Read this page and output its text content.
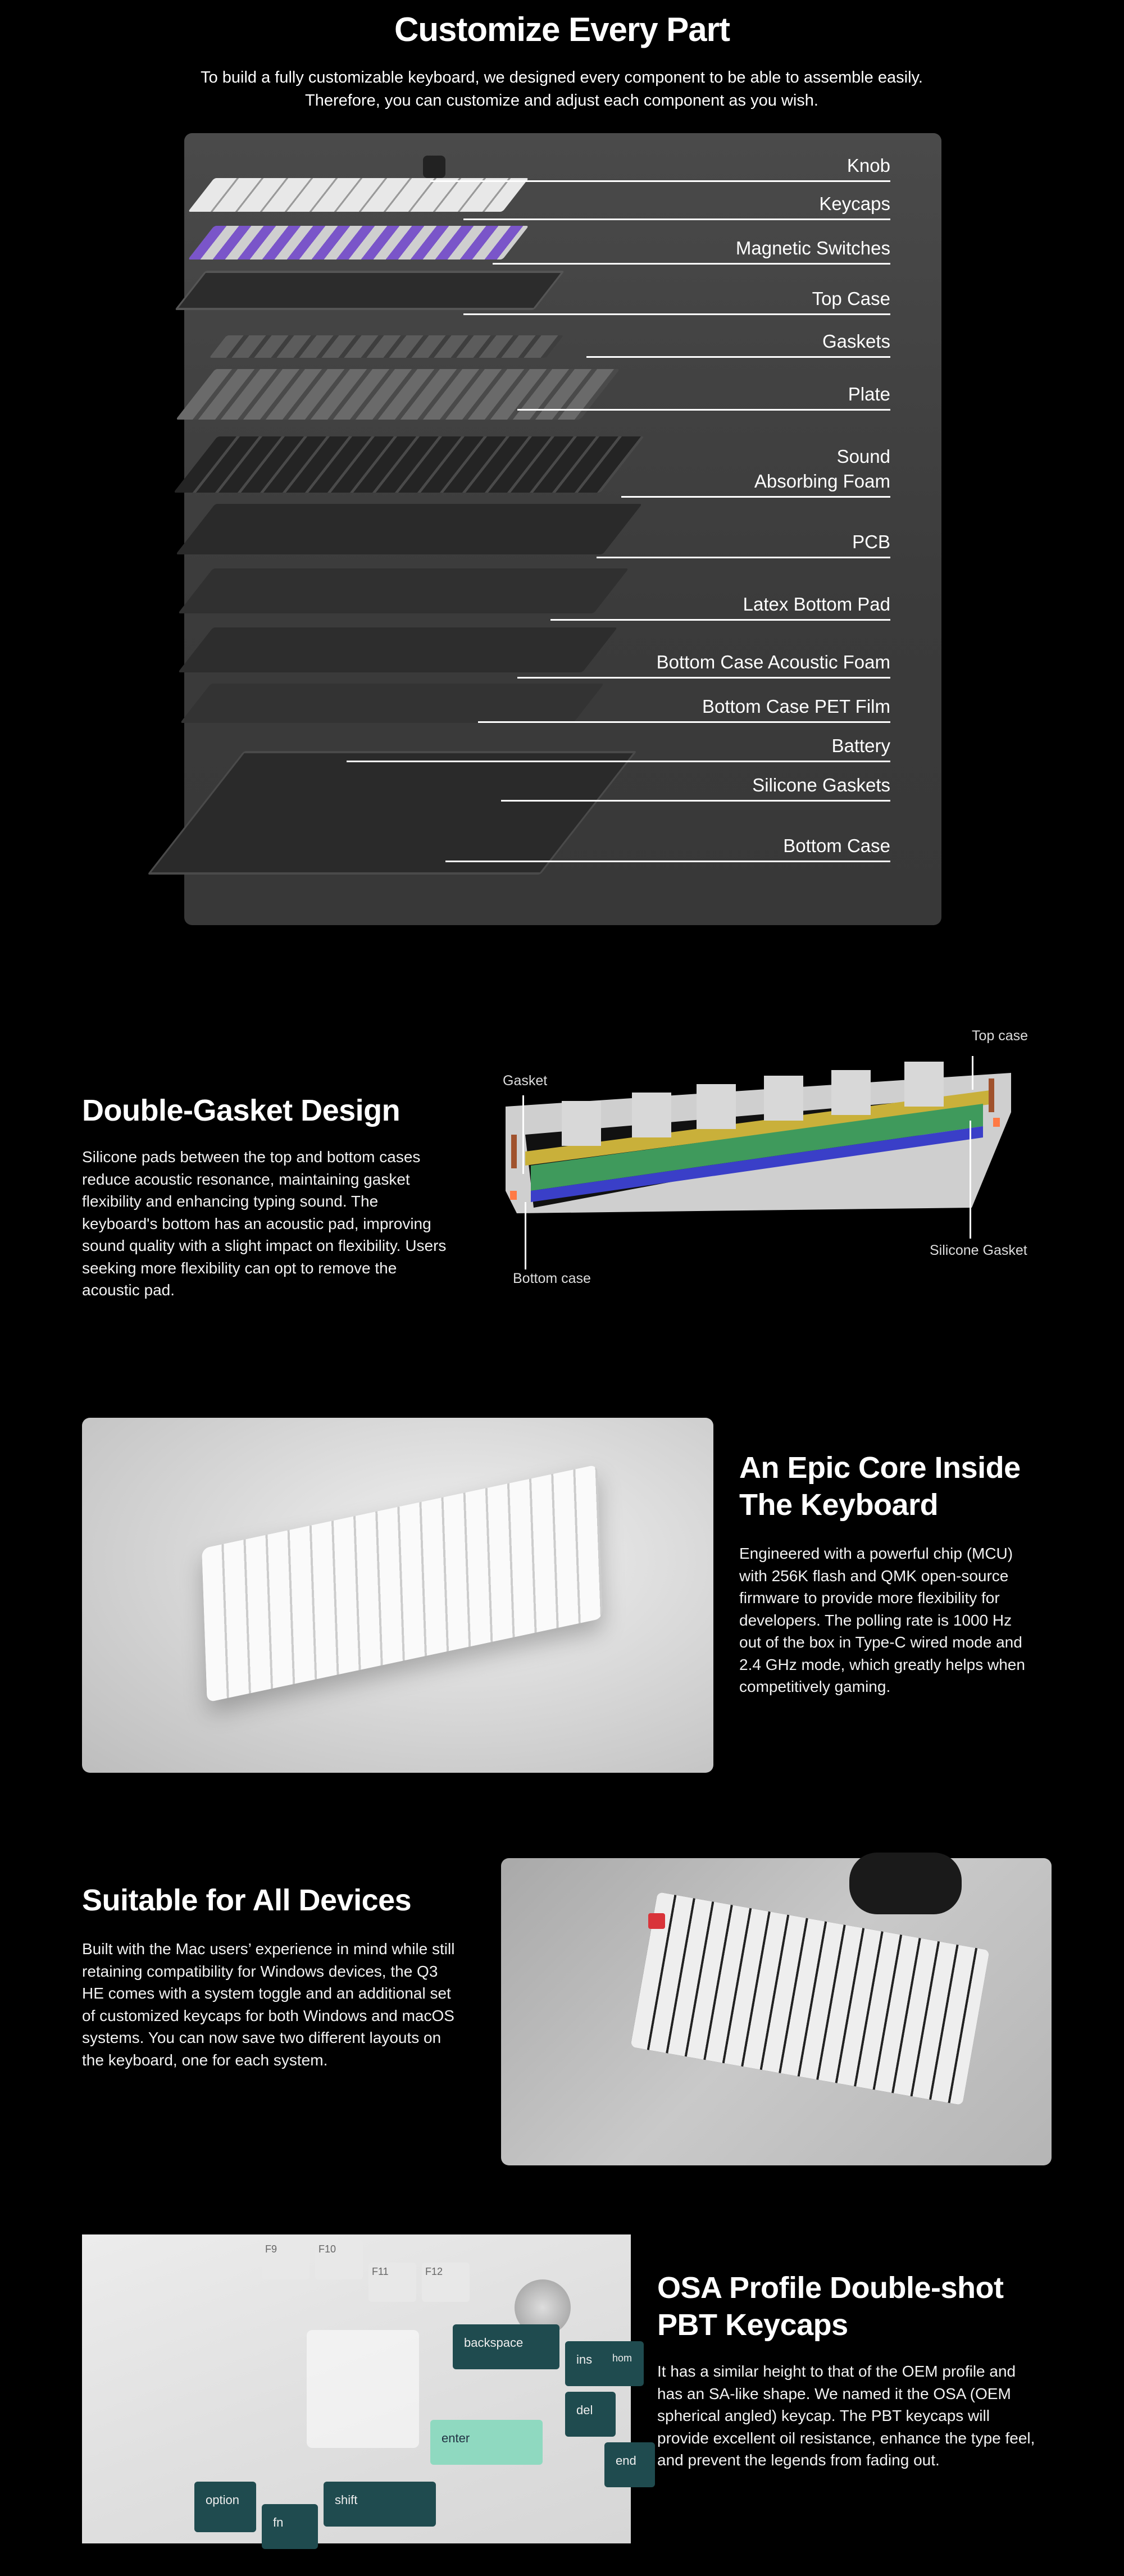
Customize Every Part
To build a fully customizable keyboard, we designed every component to be able to assemble easily.
Therefore, you can customize and adjust each component as you wish.
Knob
Keycaps
Magnetic Switches
Top Case
Gaskets
Plate
Sound
Absorbing Foam
PCB
Latex Bottom Pad
Bottom Case Acoustic Foam
Bottom Case PET Film
Battery
Silicone Gaskets
Bottom Case
Double-Gasket Design
Silicone pads between the top and bottom cases reduce acoustic resonance, maintaining gasket flexibility and enhancing typing sound. The keyboard's bottom has an acoustic pad, improving sound quality with a slight impact on flexibility. Users seeking more flexibility can opt to remove the acoustic pad.
Top case
Gasket
Bottom case
Silicone Gasket
An Epic Core Inside
The Keyboard
Engineered with a powerful chip (MCU) with 256K flash and QMK open-source firmware to provide more flexibility for developers. The polling rate is 1000 Hz out of the box in Type-C wired mode and 2.4 GHz mode, which greatly helps when competitively gaming.
Suitable for All Devices
Built with the Mac users’ experience in mind while still retaining compatibility for Windows devices, the Q3 HE comes with a system toggle and an additional set of customized keycaps for both Windows and macOS systems. You can now save two different layouts on the keyboard, one for each system.
F9	F10
F11	F12
backspace
ins
del
end
enter
shift
option
fn
hom
OSA Profile Double-shot
PBT Keycaps
It has a similar height to that of the OEM profile and has an SA-like shape. We named it the OSA (OEM spherical angled) keycap. The PBT keycaps will provide excellent oil resistance, enhance the type feel, and prevent the legends from fading out.
